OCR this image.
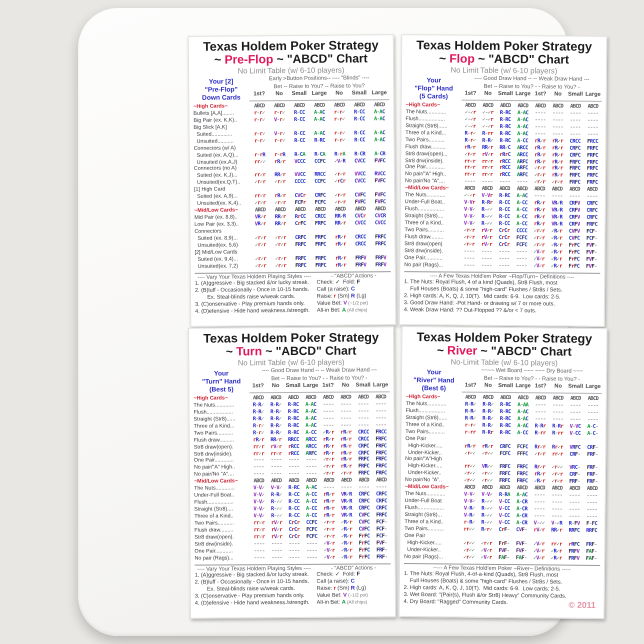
Texas Holdem Poker Strategy
~ Pre-Flop ~ "ABCD" Chart
No Limit Table (w/ 6-10 players)
Your [2]
"Pre-Flop"
Down Cards
Early >Button Positions-- ---- "Blinds" ----
Bet -- Raise to You? -- Raise to You?
1st?	No	Small Large	No	Small Large
~High Cards~	ABCD	ABCD	ABCD	ABCD	ABCD	ABCD	ABCD
Bullets [A,A]........	r-r✓	r-r✓	R-CC	A-AC	r-r✓	R-CC	A-AC
Big Pair (ex. K,K)..	r-r✓	V-r✓	R-CC	A-AC	r-r✓	R-CC	A-AC
Big Slick [A,K]
Suited..............	r-r✓	V-r✓	R-CC	A-AC	r-r✓	R-CC	A-AC
Unsuited...........	r-r✓	r-r✓	R-CC	R-RC	r-r✓	R-CC	A-AC
Connectors (w/ A)
Suited (ex. A,Q)...	r-rR	r-rR	R-CA	R-CA	R-rA	R-CR	A-CR
Unsuited (ex.A,J)	rr✓✓	rR✓r	VCCC	CCFC	✓V✓R	CVCC	FVFC
Connectors (no A)
Suited (ex. K,J)...	rr✓r	RR✓r	VVCC	RRCC	✓r✓r	VVCC	RVCC
Unsuited(ex.Q,T)..	✓r✓r	✓r✓r	CCCC	CCFC	✓rCr	CVCC	FVFC
[1] High Card
Suited (ex. A,9)...	rr✓r	rR✓r	CVCr	CRFC	✓r✓r	CVFC	FVFC
Unsuited(ex. K,4)..	✓r✓r	✓r✓r	FCFr	FCFC	✓r✓r	FVFC	FVFC
~Mid/Low Cards~	ABCD	ABCD	ABCD	ABCD	ABCD	ABCD	ABCD
Mid Pair (ex. 8,8)..	VR✓r	RR✓r	RrCC	CRCC	RR✓R	CVCr	CVCR
Low Pair (ex. 3,3)..	VR✓r	RR✓r	CrFC	FRFC	RR✓r	CVCC	CVCC
Connectors
Suited (ex. 8,9)...	✓r✓r	✓r✓r	CRFC	FRFC	rR✓r	CRCC	FRFC
Unsuited(ex. 5,6)	✓r✓r	✓r✓r	FRFC	FRFC	rR✓r	CRCC	FRFC
[2] Mid/Low Cards
Suited (ex. 9,4)...	✓r✓r	✓r✓r	FRFC	FRFC	rR✓r	FRFV	FRFV
Unsuited(ex. 7,2)	✓r✓r	✓r✓r	FRFC	FRFC	rR✓r	FRFV	FRFV
---- Vary Your Texas Holdem Playing Styles ----
1. (A)ggressive - Big stacked &/or lucky streak.
2. (B)luff - Occasionally - Once in 10-15 hands.
Ex. Steal-blinds raise w/weak cards.
3. (C)onservative - Play premium hands only.
4. (D)efensive - Hide hand weakness./strength.
- "ABCD" Actions -
Check: ✓  Fold: F
Call (a raise): C
Raise: r (Sm) R (Lg)
Value Bet: V (~1/2 pot)
All-in Bet: A (All chips)
Texas Holdem Poker Strategy
~ Flop ~ "ABCD" Chart
No Limit Table (w/ 6-10 players)
Your
"Flop" Hand
(5 Cards)
---- Good Draw Hand -- -- Weak Draw Hand ---
Bet -- Raise to You? - - Raise to You? -
1st?	No	Small Large 1st?	No	Small Large
~High Cards~	ABCD	ABCD	ABCD	ABCD	ABCD	ABCD	ABCD	ABCD
The Nuts.............	✓-✓r	✓-✓r	R-RC	A-AC	----	----	----	----
Flush..................	✓-✓r	✓-✓r	R-RC	A-AC	----	----	----	----
Straight (Str8)......	✓-✓r	✓-✓r	R-RC	A-AC	----	----	----	----
Three of a Kind...	R-r✓	R-rr	R-RC	A-AC	----	----	----	----
Two Pairs...........	R-r✓	R-R✓	R-RC	A-CC	rR✓r	rR✓r	CRCC	FRCC
Flush draw..........	rR✓r	RR✓r	RR✓C	ARCC	rR✓r	rR✓r	CRFC	FRFC
Str8 draw(open)...	✓r✓r	rV✓r	rRrC	ARCC	rR✓r	rR✓r	CRFC	FRFC
Str8 drw(inside).	rr✓r	rr✓r	rRCC	ARFC	rR✓r	rR✓r	FRFC	FRFC
One Pair.............	rr✓r	rr✓r	rRCC	ARFC	✓r✓r	rR✓r	FRFC	FRFC
No pair/"A" High..	rr✓r	rr✓r	rRCC	ARFC	✓r✓r	rR✓r	FRFC	FRFC
No pair/No "A"....	----	----	----	----	✓r✓r	✓r✓r	FRFC	FRFC
~Mid/Low Cards~	ABCD	ABCD	ABCD	ABCD	ABCD	ABCD	ABCD	ABCD
The Nuts.............	✓-✓r	V-Vr	R-RC	A-AC	----	----	----	----
Under-Full Boat..	V-Vr	R-Rr	R-CC	A-CC	rR✓r	VR✓R	CRFV	CRFC
Flush..................	V-V✓	R-✓✓	R-CC	A-CC	rR✓r	VR✓R	CRFV	CRFC
Straight (Str8)....	V-V✓	R-✓✓	R-CC	A-CC	rR✓r	VR✓R	CRFV	CRFC
Three of a Kind..	V-V✓	R-✓✓	R-CC	A-CC	rR✓r	VR✓R	CRFV	FRFC
Two Pairs...........	✓r✓r	rV✓r	CrCr	CCCC	✓r✓r	✓R✓r	CVFV	FCF-
Flush draw.........	✓r✓r	rV✓r	CrCr	FCFC	✓r✓r	✓R✓r	CVFC	FCF-
Str8 draw(open)	✓r✓r	rV✓r	CrCr	FCFC	✓r✓r	✓R✓r	FrFC	FVF-
Str8 drw(inside).	----	----	----	----	✓V✓r	✓R✓r	FrFC	FVF-
One Pair............	----	----	----	----	✓V✓r	✓R✓r	FrFC	FVF-
No pair (Rags)...	----	----	----	----	✓V✓r	✓R✓r	FrFC	FVF-
---- A Few Texas Hold'em Poker ~Flop/Turn~ Definitions ----
1. The Nuts: Royal Flush, 4 of a kind (Quads), Str8 Flush, most
Full Houses (Boats) & some "high-card" Flushes / Str8s / Sets.
2. High cards: A, K, Q, J, 10(T).  Mid cards: 6-9.  Low cards: 2-5.
3. Good Draw Hand: -Pot Hand- or drawing w/ 7 or more outs.
4. Weak Draw Hand: ?? Out-Flopped ?? &/or < 7 outs.
Texas Holdem Poker Strategy
~ Turn ~ "ABCD" Chart
No Limit Table (w/ 6-10 players)
Your
"Turn" Hand
(Best 5)
---- Good Draw Hand -- -- Weak Draw Hand ---
Bet -- Raise to You? - - Raise to You? -
1st?	No	Small Large 1st?	No	Small Large
~High Cards~	ABCD	ABCD	ABCD	ABCD	ABCD	ABCD	ABCD	ABCD
The Nuts.............	R-R✓	R-R✓	R-RC	A-AC	----	----	----	----
Flush..................	R-R✓	R-R✓	R-RC	A-AC	----	----	----	----
Straight (Str8)......	R-R✓	R-R✓	R-RC	A-AC	----	----	----	----
Three of a Kind...	R-r✓	R-R✓	R-RC	A-AC	----	----	----	----
Two Pairs...........	R-r✓	R-R✓	R-RC	A-CC	✓R✓r	rR✓r	CRCC	FRCC
Flush draw..........	rR✓r	RR✓r	RRCC	ARCC	rR✓r	rR✓r	CRCC	FRFC
Str8 draw(open).	rr✓r	rV✓r	rRCC	ARCC	rR✓r	rR✓r	CRFC	FRFC
Str8 drw(inside).	rr✓r	rr✓r	rRCC	ARFC	rR✓r	rR✓r	CRFC	FRFC
One Pair.............	----	----	----	----	✓r✓r	rR✓r	FRFC	FRFC
No pair/"A" High..	----	----	----	----	✓r✓r	rR✓r	FRFC	FRFC
No pair/No "A"....	----	----	----	----	✓r✓r	✓r✓r	FRFC	FRFC
~Mid/Low Cards~	ABCD	ABCD	ABCD	ABCD	ABCD	ABCD	ABCD	ABCD
The Nuts.............	V-V✓	V-V✓	R-RC	A-AC	----	----	----	----
Under-Full Boat..	V-V✓	R-R✓	R-CC	A-CC	rR✓r	VR✓R	CRFC	CRFC
Flush..................	V-V✓	R-✓✓	R-CC	A-CC	rR✓r	VR✓R	CRFC	CRFC
Straight (Str8)....	V-V✓	R-✓✓	R-CC	A-CC	rR✓r	VR✓R	CRFC	CRFC
Three of a Kind..	V-V✓	R-✓✓	R-CC	A-CC	rR✓r	VR✓R	CVFC	FRFC
Two Pairs...........	rr✓r	rV✓r	CrCr	CCFC	✓r✓r	✓R✓r	CVFC	FCF-
Flush draw.........	rr✓r	rV✓r	CrCr	FCFC	✓r✓r	✓R✓r	CVFC	FCF-
Str8 draw(open).	rr✓r	rV✓r	CrCr	FCFC	✓r✓r	✓R✓r	FrFC	FCF-
Str8 drw(inside).	----	----	----	----	✓V✓r	✓R✓r	FrFC	FVF-
One Pair............	----	----	----	----	✓V✓r	✓R✓r	FrFC	FRF-
No pair (Rags)...	----	----	----	----	✓V✓r	✓R✓r	FrFC	FRF-
---- Vary Your Texas Holdem Playing Styles ----
1. (A)ggressive - Big stacked &/or lucky streak.
2. (B)luff - Occasionally - Once in 10-15 hands.
Ex. Steal-blinds raise w/weak cards.
3. (C)onservative - Play premium hands only.
4. (D)efensive - Hide hand weakness./strength.
- "ABCD" Actions -
Check: ✓  Fold: F
Call (a raise): C
Raise: r (Sm) R (Lg)
Value Bet: V (~1/2 pot)
All-in Bet: A (All chips)
Texas Holdem Poker Strategy
~ River ~ "ABCD" Chart
No-Limit Table (w/ 6-10 players)
Your
"River" Hand
(Best 6)
~~~~ Wet Board ~~~ ~~~ Dry Board ~~~
Bet -- Raise to You? - - Raise to You? -
1st?	No	Small Large 1st?	No	Small Large
~High Cards~	ABCD	ABCD	ABCD	ABCD	ABCD	ABCD	ABCD	ABCD
The Nuts.............	R-R✓	R-R✓	R-RC	A-AA	----	----	----	----
Flush..................	R-R✓	R-R✓	R-RC	A-AC	----	----	----	----
Straight (Str8)......	R-R✓	R-R✓	R-RC	A-AC	----	----	----	----
Three of a Kind..	r-r✓	R-R✓	R-RC	A-AC	R-Rr	R-Rr	V-VC	A-C-
Two Pairs...........	r-rr	R-Rr	R-RC	A-CC	R-rr	R-rr	V-CC	A-C-
One Pair
High-Kicker.....	rR✓r	rR✓r	CRFC	FCFC	Rr✓r	Rr✓r	VRFC	CRF-
Under-Kicker..	✓r✓✓	✓r✓✓	FCFC	FFFC	✓r✓r	rr✓r	CRF-	FRF-
No pair/"A"High
High-Kicker.....	rr✓✓	VR✓✓	FRFC	FRFC	Rr✓r	✓r✓✓	VRC-	FRF-
Under-Kicker..	✓r✓✓	✓r✓✓	FRFC	FRFC	rR✓r	✓r✓r	CRF-	FRF-
No pair/No "A"..	✓r✓✓	✓r✓✓	FRFC	FRFC	✓R✓r	✓r✓r	FRF-	FRF-
~Mid/Low Cards~	ABCD	ABCD	ABCD	ABCD	ABCD	ABCD	ABCD	ABCD
The Nuts.............	V-V✓	V-V✓	R-RA	A-AC	----	----	----	----
Under-Full Boat	V-V✓	R-✓✓	V-CC	A-CR	----	----	----	----
Flush..................	V-R✓	R-✓✓	V-CC	A-CR	----	----	----	----
Straight (Str8)...	V-R✓	R-✓✓	V-CC	A-CR	----	----	----	----
Three of a Kind..	r-R✓	R-✓✓	V-CC	A-CR	V-✓✓	V-✓R	R-FV	F-FC
Two Pairs...........	rr✓✓	R✓r✓	CrF-	CVF-	rV✓r	RR✓r	RRFC	RRFC
One Pair
High-Kicker.....	✓r✓✓	✓r✓r	FrF-	FVF-	✓V✓r	rr✓r	rRFC	FRF-
Under-Kicker..	✓r✓✓	✓V✓r	FVF-	FVF-	✓V✓r	✓R✓r	FRFV	FAF-
No pair (Rags)...	✓r✓✓	✓V✓r	FAF-	FAF-	✓V✓r	✓R✓r	FRFV	FAF-
----- A Few Texas Hold'em Poker ~River~ Definitions -----
1. The Nuts: Royal Flush, 4-of-a-kind (Quads), Str8 Flush, most
Full Houses (Boats) & some "high-card" Flushes / Str8s / Sets.
2. High cards: A, K, Q, J, 10(T).  Mid cards: 6-9.  Low cards: 2-5.
3. Wet Board: "(Pair(s), Flush &/or Str8) Heavy" Community Cards.
4. Dry Board: "Ragged" Community Cards.	© 2011
